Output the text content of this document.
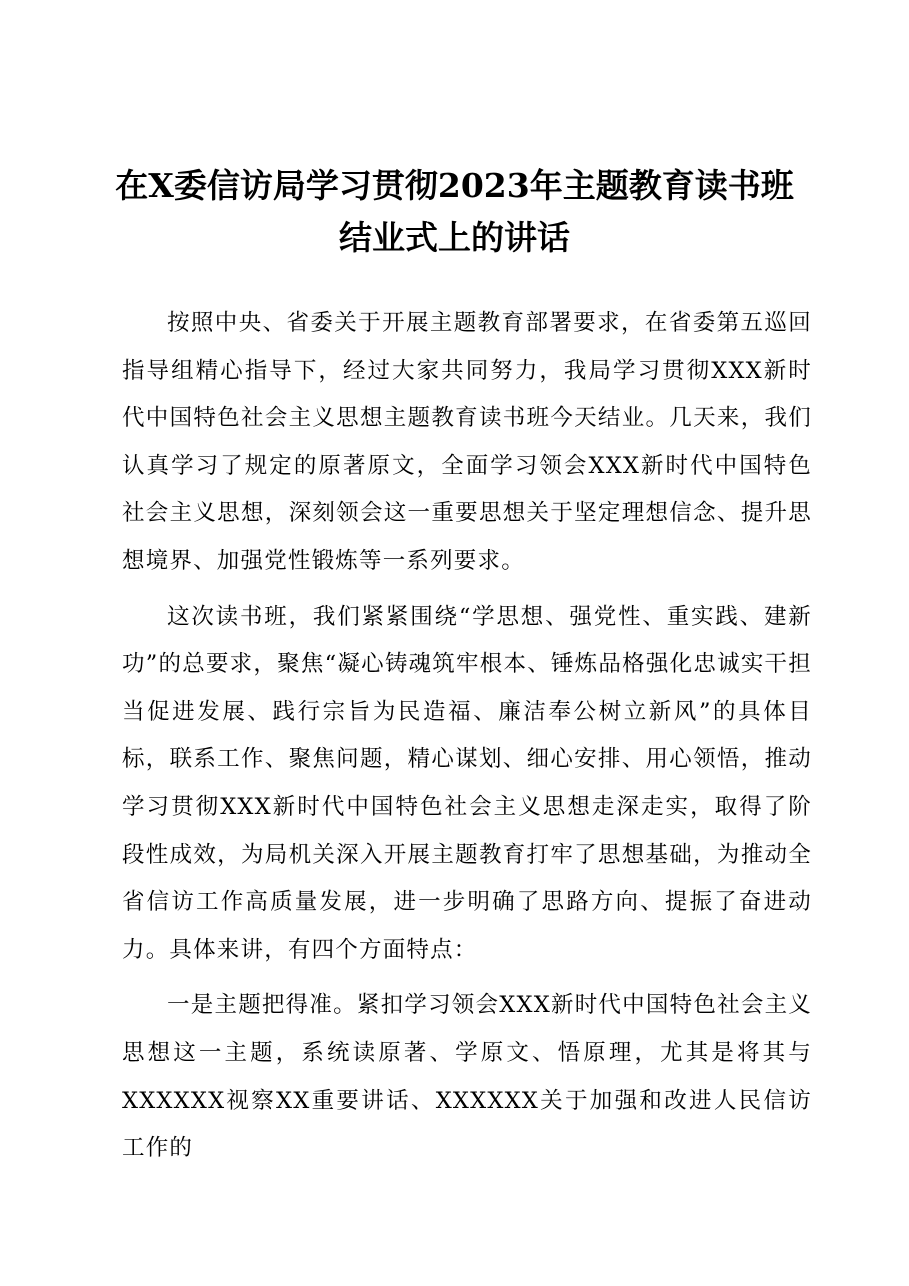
在X委信访局学习贯彻2023年主题教育读书班结业式上的讲话

按照中央、省委关于开展主题教育部署要求，在省委第五巡回指导组精心指导下，经过大家共同努力，我局学习贯彻XXX新时代中国特色社会主义思想主题教育读书班今天结业。几天来，我们认真学习了规定的原著原文，全面学习领会XXX新时代中国特色社会主义思想，深刻领会这一重要思想关于坚定理想信念、提升思想境界、加强党性锻炼等一系列要求。

这次读书班，我们紧紧围绕“学思想、强党性、重实践、建新功”的总要求，聚焦“凝心铸魂筑牢根本、锤炼品格强化忠诚实干担当促进发展、践行宗旨为民造福、廉洁奉公树立新风”的具体目标，联系工作、聚焦问题，精心谋划、细心安排、用心领悟，推动学习贯彻XXX新时代中国特色社会主义思想走深走实，取得了阶段性成效，为局机关深入开展主题教育打牢了思想基础，为推动全省信访工作高质量发展，进一步明确了思路方向、提振了奋进动力。具体来讲，有四个方面特点：

一是主题把得准。紧扣学习领会XXX新时代中国特色社会主义思想这一主题，系统读原著、学原文、悟原理，尤其是将其与XXXXXX视察XX重要讲话、XXXXXX关于加强和改进人民信访工作的
